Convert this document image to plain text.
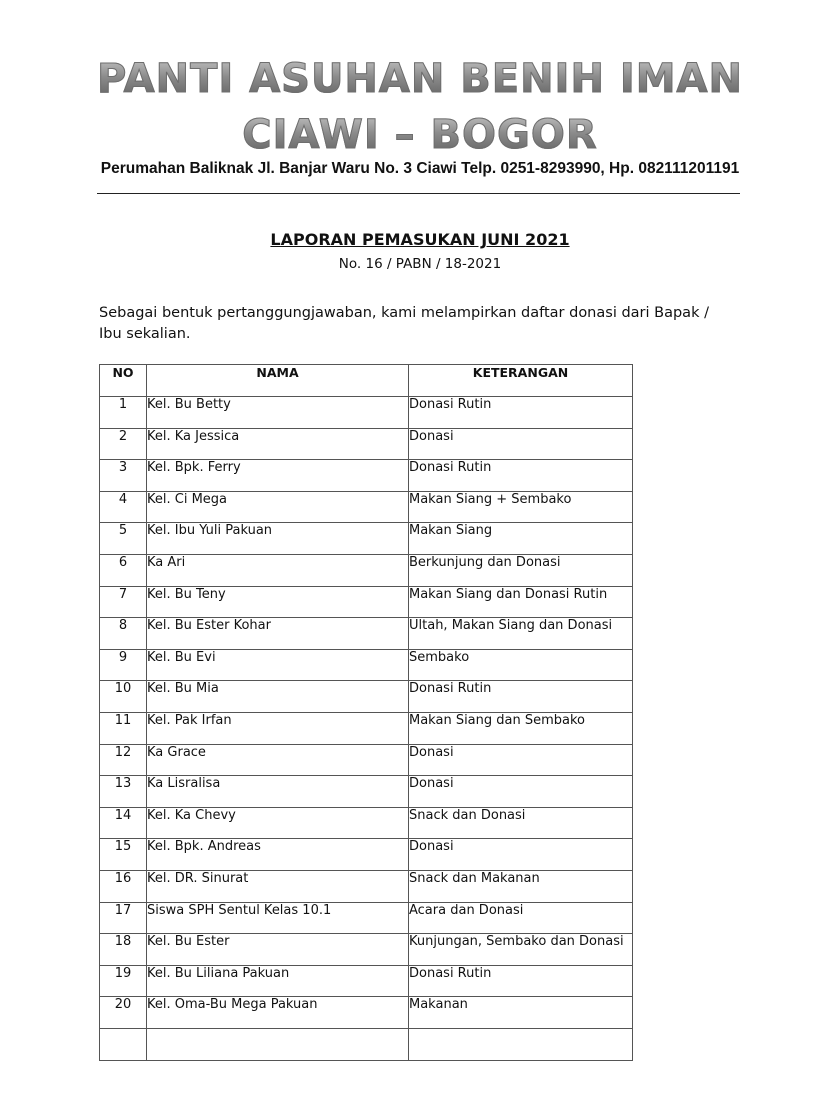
PANTI ASUHAN BENIH IMAN
CIAWI – BOGOR
Perumahan Baliknak Jl. Banjar Waru No. 3 Ciawi Telp. 0251-8293990, Hp. 082111201191
LAPORAN PEMASUKAN JUNI 2021
No. 16 / PABN / 18-2021
Sebagai bentuk pertanggungjawaban, kami melampirkan daftar donasi dari Bapak / Ibu sekalian.
NO	NAMA	KETERANGAN
1	Kel. Bu Betty	Donasi Rutin
2	Kel. Ka Jessica	Donasi
3	Kel. Bpk. Ferry	Donasi Rutin
4	Kel. Ci Mega	Makan Siang + Sembako
5	Kel. Ibu Yuli Pakuan	Makan Siang
6	Ka Ari	Berkunjung dan Donasi
7	Kel. Bu Teny	Makan Siang dan Donasi Rutin
8	Kel. Bu Ester Kohar	Ultah, Makan Siang dan Donasi
9	Kel. Bu Evi	Sembako
10	Kel. Bu Mia	Donasi Rutin
11	Kel. Pak Irfan	Makan Siang dan Sembako
12	Ka Grace	Donasi
13	Ka Lisralisa	Donasi
14	Kel. Ka Chevy	Snack dan Donasi
15	Kel. Bpk. Andreas	Donasi
16	Kel. DR. Sinurat	Snack dan Makanan
17	Siswa SPH Sentul Kelas 10.1	Acara dan Donasi
18	Kel. Bu Ester	Kunjungan, Sembako dan Donasi
19	Kel. Bu Liliana Pakuan	Donasi Rutin
20	Kel. Oma-Bu Mega Pakuan	Makanan
